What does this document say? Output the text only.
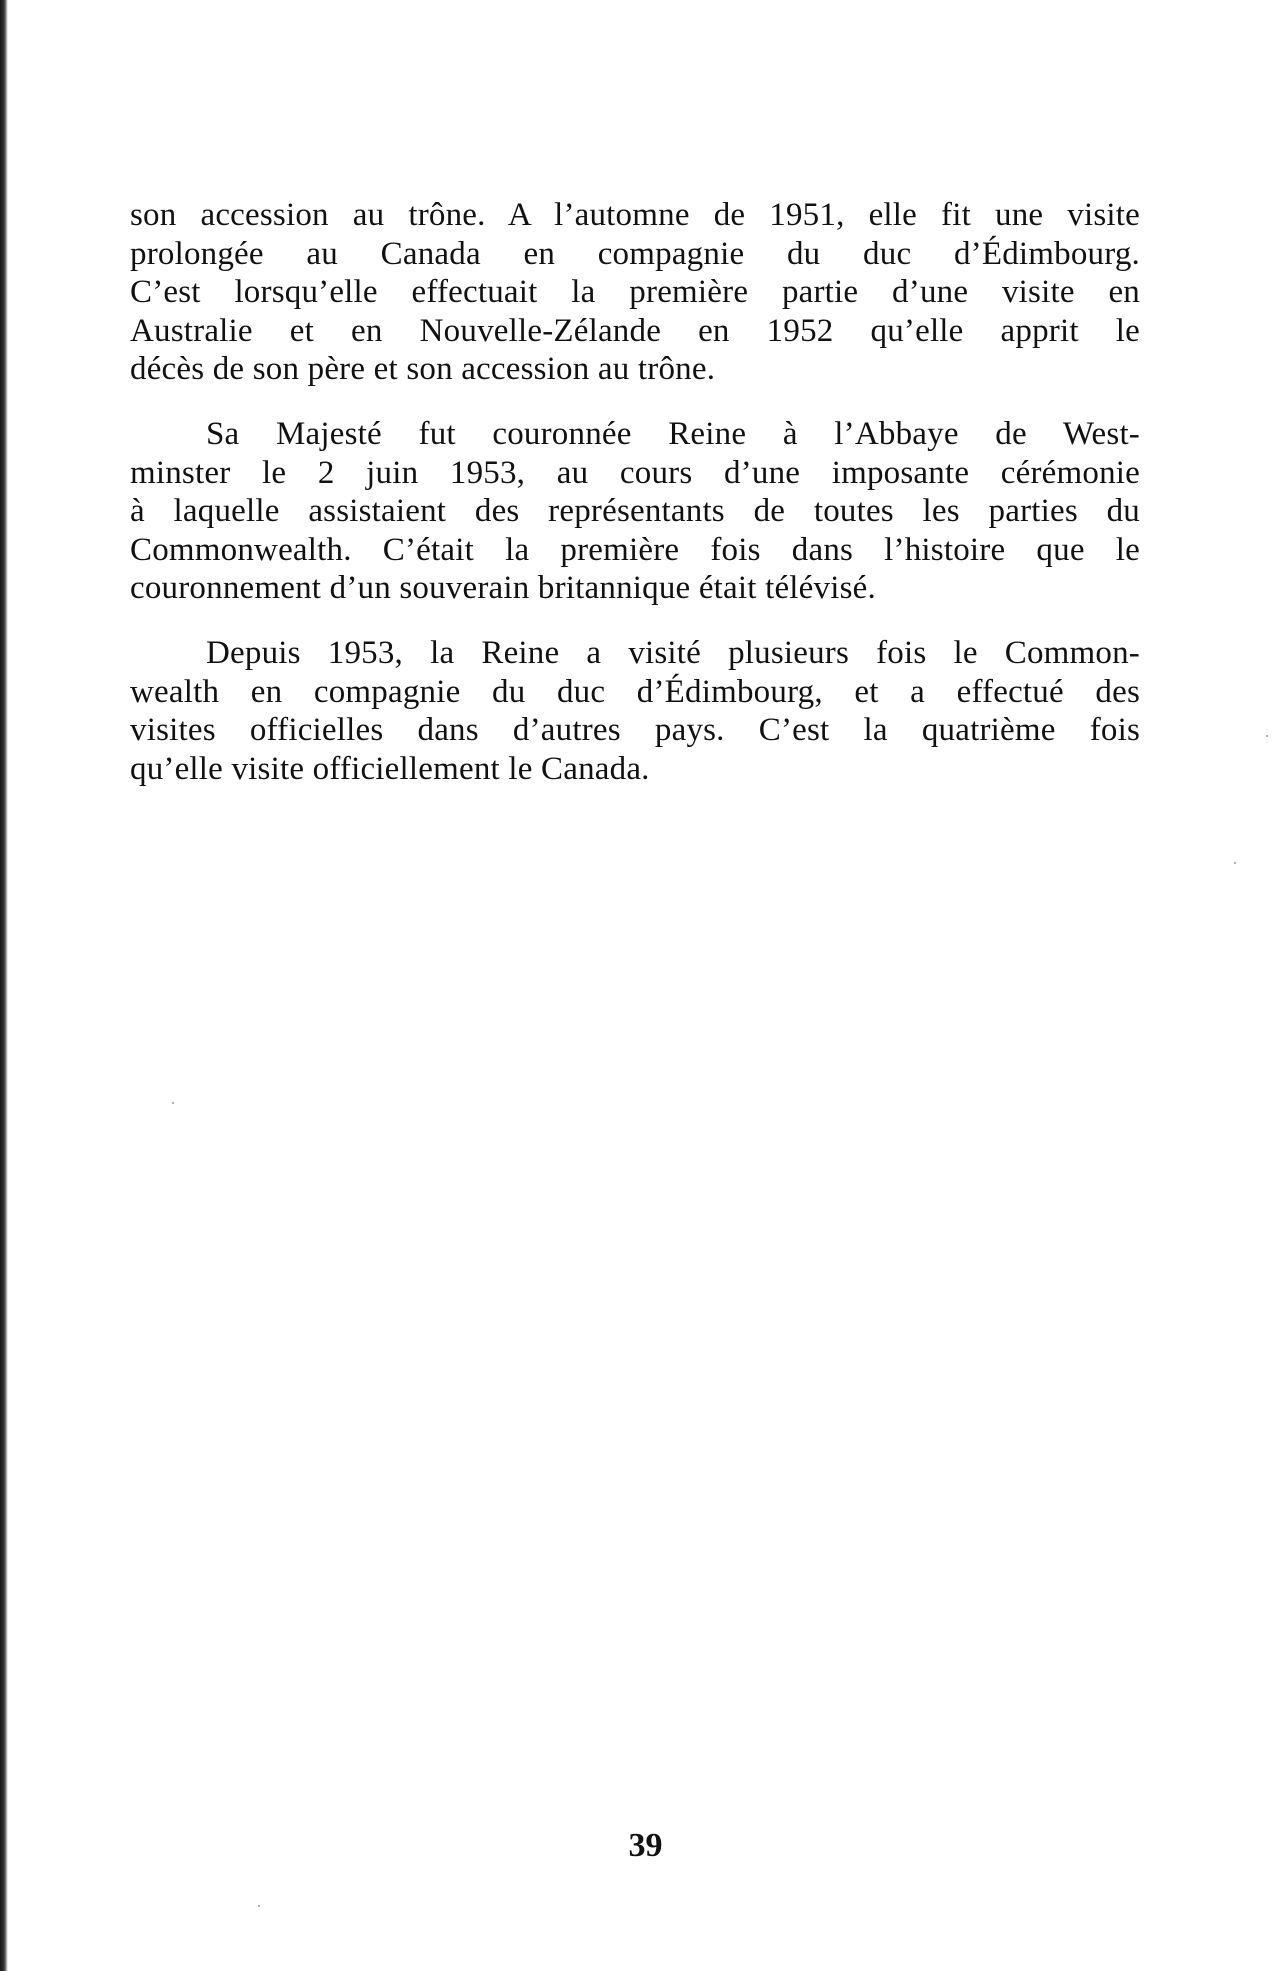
son accession au trône. A l’automne de 1951, elle fit une visite
prolongée au Canada en compagnie du duc d’Édimbourg.
C’est lorsqu’elle effectuait la première partie d’une visite en
Australie et en Nouvelle-Zélande en 1952 qu’elle apprit le
décès de son père et son accession au trône.
Sa Majesté fut couronnée Reine à l’Abbaye de West-
minster le 2 juin 1953, au cours d’une imposante cérémonie
à laquelle assistaient des représentants de toutes les parties du
Commonwealth. C’était la première fois dans l’histoire que le
couronnement d’un souverain britannique était télévisé.
Depuis 1953, la Reine a visité plusieurs fois le Common-
wealth en compagnie du duc d’Édimbourg, et a effectué des
visites officielles dans d’autres pays. C’est la quatrième fois
qu’elle visite officiellement le Canada.
39
